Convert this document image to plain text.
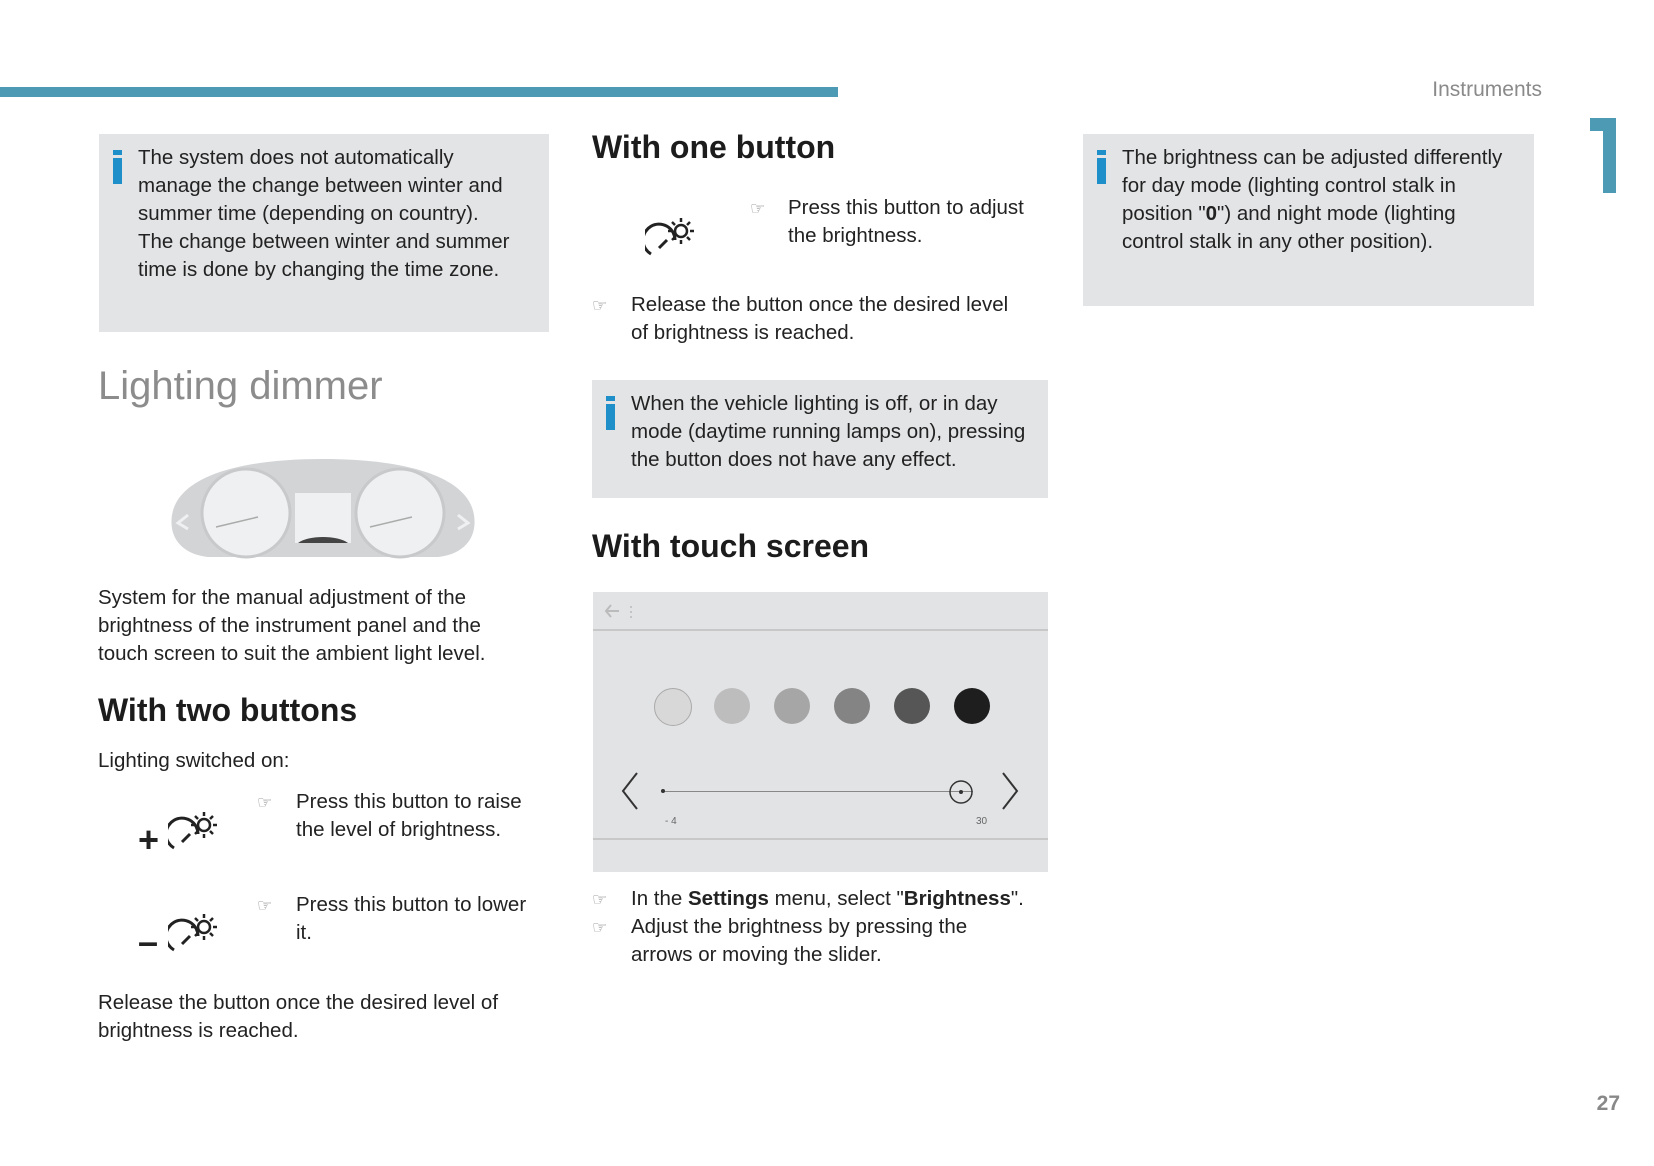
Instruments
27
The system does not automatically
manage the change between winter and
summer time (depending on country).
The change between winter and summer
time is done by changing the time zone.
Lighting dimmer
System for the manual adjustment of the
brightness of the instrument panel and the
touch screen to suit the ambient light level.
With two buttons
Lighting switched on:
+
☞ Press this button to raise
the level of brightness.
–
☞ Press this button to lower
it.
Release the button once the desired level of
brightness is reached.
With one button
☞ Press this button to adjust
the brightness.
☞ Release the button once the desired level
of brightness is reached.
When the vehicle lighting is off, or in day
mode (daytime running lamps on), pressing
the button does not have any effect.
With touch screen
- 4	30
☞ In the Settings menu, select "Brightness".
☞ Adjust the brightness by pressing the
arrows or moving the slider.
The brightness can be adjusted differently
for day mode (lighting control stalk in
position "0") and night mode (lighting
control stalk in any other position).
